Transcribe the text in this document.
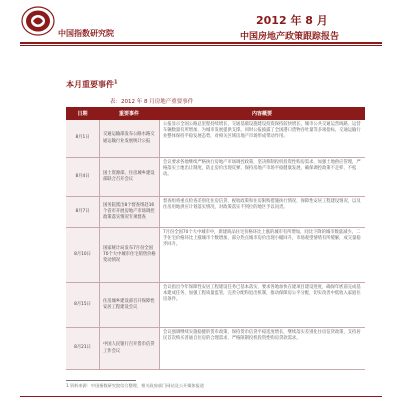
中国指数研究院
2012 年 8 月
中国房地产政策跟踪报告
本月重要事件$^1$
表：2012 年 8 月房地产重要事件
日期	重要事件	内容概要
8月1日
交通运输部发布公路水路交通运输行业发展统计公报
公报显示全国公路总里程持续增长，交通基础设施建设投资保持较快增长，城市公共交通运营线路、运营车辆数量有所增加，为城市发展提供支撑。同时公报披露了全国港口货物吞吐量等多项指标，交通运输行业整体保持平稳发展态势，对相关区域房地产市场形成带动作用。
8月4日
国土资源部、住房城乡建设部联合召开会议
会议要求各地继续严格执行房地产市场调控政策，坚决抑制投机投资性购房需求，加强土地供应管理，严格落实土地出让制度，防止房价出现反弹，保持房地产市场平稳健康发展，确保调控政策不走样、不松动。
8月7日
国务院派出8个督查组赴16个省市开展房地产市场调控政策落实情况专项督查
督查组将重点检查差别化住房信贷、税收政策和住房限购措施执行情况，保障性安居工程建设情况，以及住房用地供应计划落实情况，对政策落实不到位的地区予以问责。
8月10日
国家统计局发布7月份全国70个大中城市住宅销售价格变动情况
7月份全国70个大中城市中，新建商品住宅价格环比上涨的城市有所增加，同比下降的城市数量减少。二手住宅价格环比上涨城市个数增加，部分热点城市房价出现小幅回升，市场观望情绪有所缓解，成交量稳步回升。
8月15日
住房城乡建设部召开保障性安居工程建设会议
会议指出今年保障性安居工程建设任务已基本落实，要求各地加快在建项目建设进度，确保年底前完成基本建成任务，加强工程质量监管，完善分配和退出机制，推动保障房公平分配，切实改善中低收入家庭住房条件。
8月21日
中国人民银行召开货币信贷工作会议
会议强调继续实施稳健的货币政策，保持货币信贷平稳适度增长，继续落实差别化住房信贷政策，支持居民首次购买普通自住房的合理需求，严格限制投机投资性购房贷款需求。
1 资料来源：中国指数研究院综合整理，相关政府部门网站及公开媒体报道
